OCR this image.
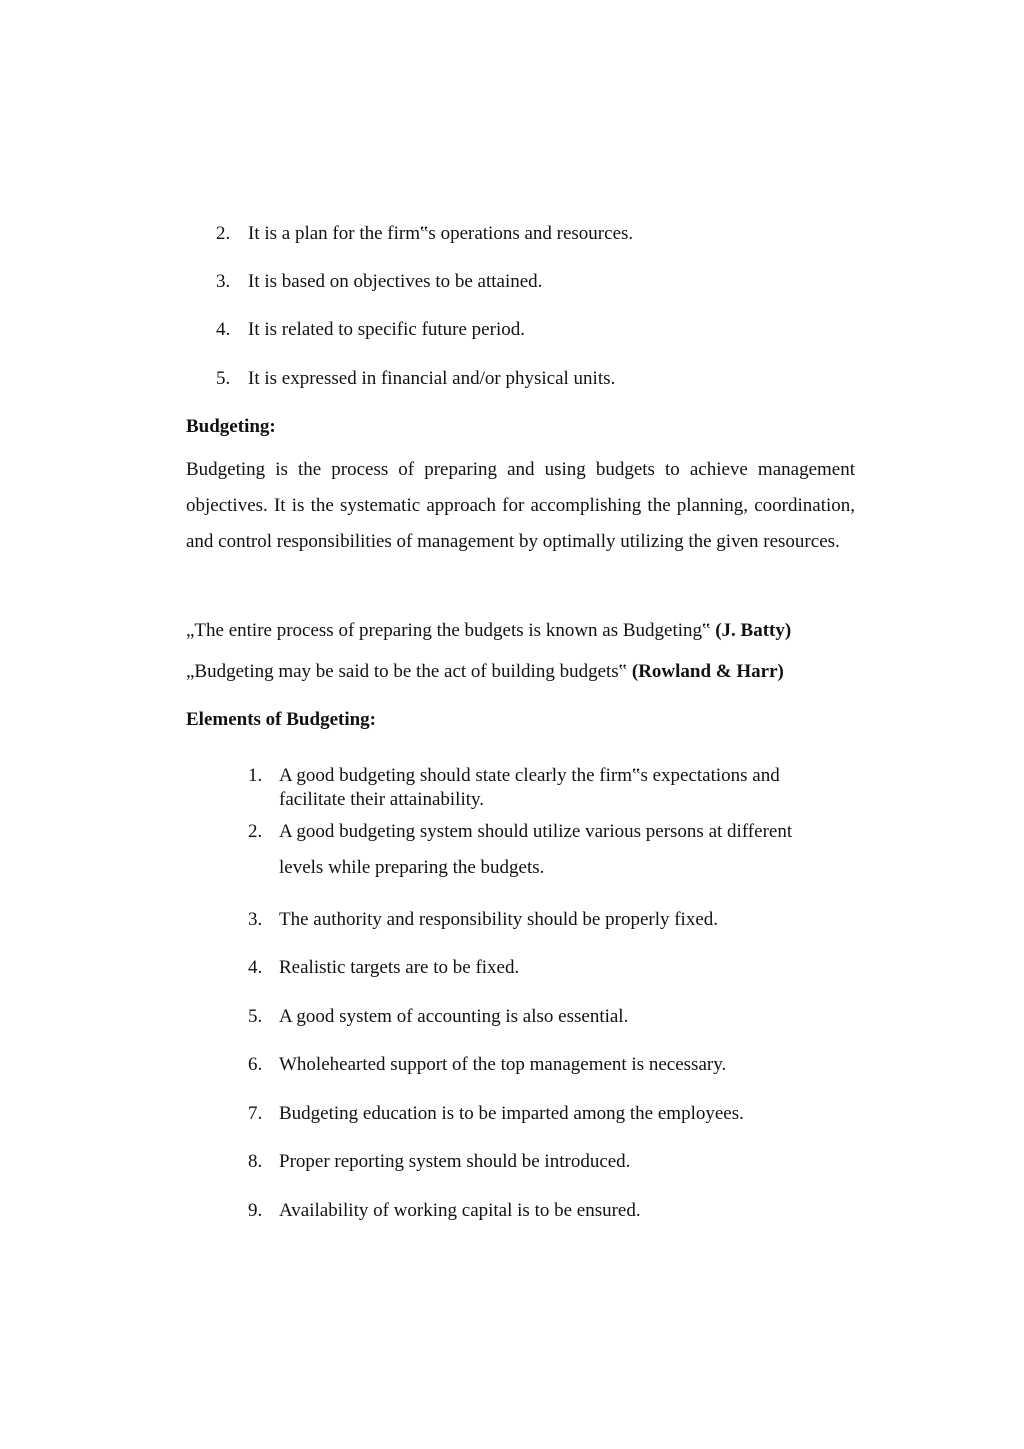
2. It is a plan for the firm‟s operations and resources.
3. It is based on objectives to be attained.
4. It is related to specific future period.
5. It is expressed in financial and/or physical units.
Budgeting:
Budgeting is the process of preparing and using budgets to achieve management objectives. It is the systematic approach for accomplishing the planning, coordination, and control responsibilities of management by optimally utilizing the given resources.
„The entire process of preparing the budgets is known as Budgeting‟ (J. Batty)
„Budgeting may be said to be the act of building budgets‟ (Rowland & Harr)
Elements of Budgeting:
1. A good budgeting should state clearly the firm‟s expectations and facilitate their attainability.
2. A good budgeting system should utilize various persons at different levels while preparing the budgets.
3. The authority and responsibility should be properly fixed.
4. Realistic targets are to be fixed.
5. A good system of accounting is also essential.
6. Wholehearted support of the top management is necessary.
7. Budgeting education is to be imparted among the employees.
8. Proper reporting system should be introduced.
9. Availability of working capital is to be ensured.
